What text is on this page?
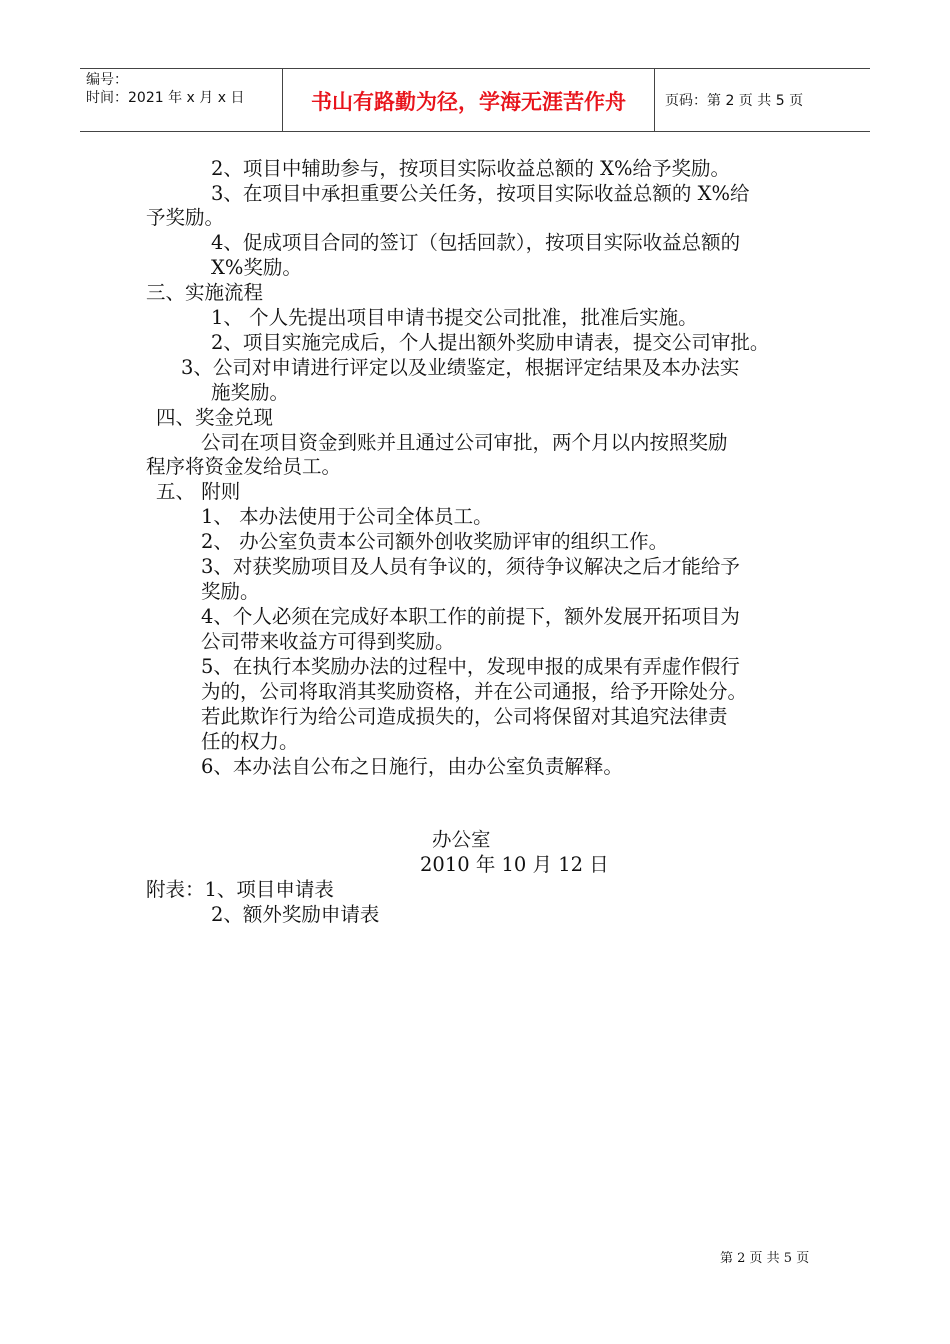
编号：
时间：2021 年 x 月 x 日	书山有路勤为径，学海无涯苦作舟	页码：第 2 页 共 5 页
2、项目中辅助参与，按项目实际收益总额的 X%给予奖励。
3、在项目中承担重要公关任务，按项目实际收益总额的 X%给
予奖励。
4、促成项目合同的签订（包括回款），按项目实际收益总额的
X%奖励。
三、实施流程
1、 个人先提出项目申请书提交公司批准，批准后实施。
2、项目实施完成后，个人提出额外奖励申请表，提交公司审批。
3、公司对申请进行评定以及业绩鉴定，根据评定结果及本办法实
施奖励。
四、奖金兑现
公司在项目资金到账并且通过公司审批，两个月以内按照奖励
程序将资金发给员工。
五、 附则
1、 本办法使用于公司全体员工。
2、 办公室负责本公司额外创收奖励评审的组织工作。
3、对获奖励项目及人员有争议的，须待争议解决之后才能给予
奖励。
4、个人必须在完成好本职工作的前提下，额外发展开拓项目为
公司带来收益方可得到奖励。
5、在执行本奖励办法的过程中，发现申报的成果有弄虚作假行
为的，公司将取消其奖励资格，并在公司通报，给予开除处分。
若此欺诈行为给公司造成损失的，公司将保留对其追究法律责
任的权力。
6、本办法自公布之日施行，由办公室负责解释。
办公室
2010 年 10 月 12 日
附表：1、项目申请表
2、额外奖励申请表
第 2 页 共 5 页
